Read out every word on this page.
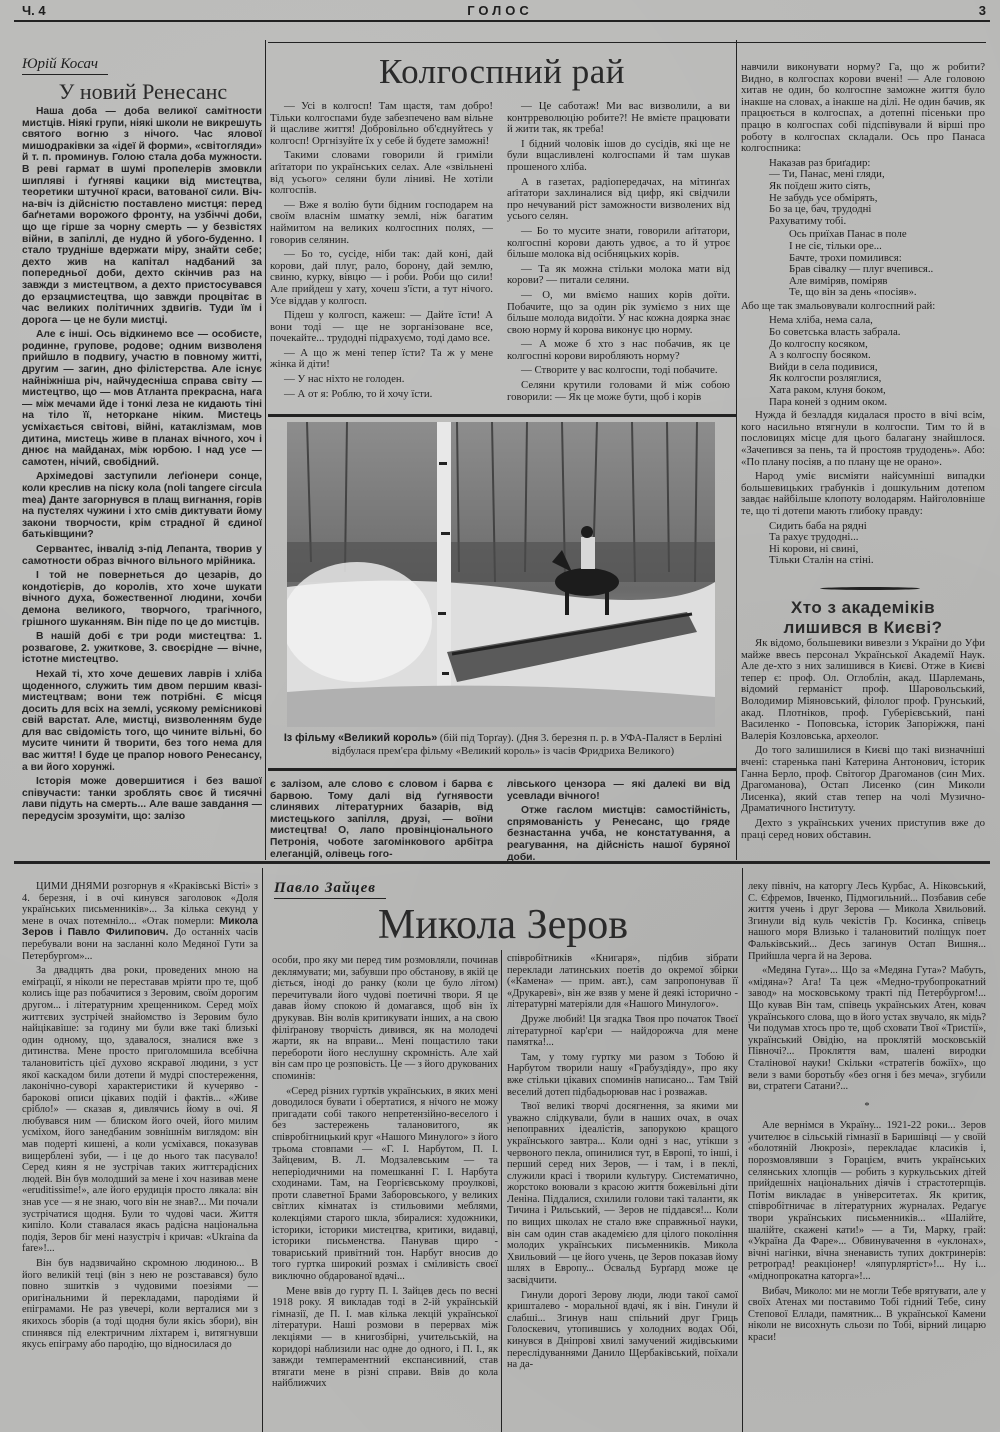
Ч. 4	ГОЛОС	3
Юрій Косач
У новий Ренесанс

Наша доба — доба великої самітности мистців. Ніякі групи, ніякі школи не викрешуть святого вогню з нічого. Час ялової мишодраківки за «ідеї й форми», «світогляди» й т. п. проминув. Голою стала доба мужности. В реві гармат в шумі пропелерів змовкли шипляві і ґугняві кацики від мистецтва, теоретики штучної краси, ватованої сили. Віч-на-віч із дійсністю поставлено мистця: перед баґнетами ворожого фронту, на узбіччі доби, що ще гірше за чорну смерть — у безвістях війни, в запіллі, де нудно й убого-буденно. І стало трудніше вдержати міру, знайти себе; дехто жив на капітал надбаний за попередньої доби, дехто скінчив раз на завжди з мистецтвом, а дехто пристосувався до ерзацмистецтва, що завжди процвітає в час великих політичних здвигів. Туди їм і дорога — це не були мистці.

Але є інші. Ось відкинемо все — особисте, родинне, групове, родове; одним визволеня прийшло в подвигу, участю в повному житті, другим — загин, дно філістерства. Але існує найніжніша річ, найчудесніша справа світу — мистецтво, що — мов Атланта прекрасна, нага — між мечами йде і тонкі леза не кидають тіні на тіло її, неторкане ніким. Мистець усміхається світові, війні, катаклізмам, мов дитина, мистець живе в планах вічного, хоч і днює на майданах, між юрбою. І над усе — самотен, нічий, свобідний.

Архімедові заступили леґіонери сонце, коли креслив на піску кола (noli tangere circula mea) Данте загорнувся в плащ вигнання, горів на пустелях чужини і хто смів диктувати йому закони творчости, крім страдної й єдиної батьківщини?

Сервантес, інвалід з-під Лепанта, творив у самотности образ вічного вільного мрійника.

І той не повернеться до цезарів, до кондотієрів, до королів, хто хоче шукати вічного духа, божественної людини, хочби демона великого, творчого, трагічного, грішного шуканням. Він піде по це до мистців.

В нашій добі є три роди мистецтва: 1. розвагове, 2. ужиткове, 3. своєрідне — вічне, істотне мистецтво.

Нехай ті, хто хоче дешевих лаврів і хліба щоденного, служить тим двом першим квазі-мистецтвам; вони теж потрібні. Є місця досить для всіх на землі, усякому ремісникові свій варстат. Але, мистці, визволенням буде для вас свідомість того, що чините вільні, бо мусите чинити й творити, без того нема для вас життя! І буде це прапор нового Ренесансу, а ви його хорунжі.

Історія може довершитися і без вашої співучасти: танки зроблять своє й тисячні лави підуть на смерть... Але ваше завдання — передусім зрозуміти, що: залізо

є залізом, але слово є словом і барва є барвою. Тому далі від ґугнявости слинявих літературних базарів, від мистецького запілля, друзі, — воїни мистецтва! О, лапо провінціонального Петронія, чоботе загомінкового арбітра елеганцій, олівець гого-

лівського цензора — які далекі ви від усевлади вічного!

Отже гаслом мистців: самостійність, спрямованість у Ренесанс, що гряде безнастанна учба, не констатування, а реагування, на дійсність нашої буряної доби.

Колгоспний рай

— Усі в колгосп! Там щастя, там добро! Тільки колгоспами буде забезпечено вам вільне й щасливе життя! Добровільно об'єднуйтесь у колгосп! Оргнізуйте їх у себе й будете заможні!

Такими словами говорили й гриміли аґітатори по українських селах. Але «звільнені від усього» селяни були ліниві. Не хотіли колгоспів.

— Вже я волію бути бідним господарем на своїм власнім шматку землі, ніж багатим наймитом на великих колгоспних полях, — говорив селянин.

— Бо то, сусіде, ніби так: дай коні, дай корови, дай плуг, рало, борону, дай землю, свиню, курку, вівцю — і роби. Роби що сили! Але прийдеш у хату, хочеш з'їсти, а тут нічого. Усе віддав у колгосп.

Підеш у колгосп, кажеш: — Дайте їсти! А вони тоді — ще не зорганізоване все, почекайте... трудодні підрахуємо, тоді дамо все.

— А що ж мені тепер їсти? Та ж у мене жінка й діти!

— У нас ніхто не голоден.

— А от я: Роблю, то й хочу їсти.

— Це саботаж! Ми вас визволили, а ви контрреволюцію робите?! Не вмієте працювати й жити так, як треба!

І бідний чоловік ішов до сусідів, які ще не були вщасливлені колгоспами й там шукав прошеного хліба.

А в газетах, радіопередачах, на мітинґах аґітатори захлиналися від цифр, які свідчили про нечуваний ріст заможности визволених від усього селян.

— Бо то мусите знати, говорили аґітатори, колгоспні корови дають удвоє, а то й утроє більше молока від осібняцьких корів.

— Та як можна стільки молока мати від корови? — питали селяни.

— О, ми вміємо наших корів доїти. Побачите, що за один рік зуміємо з них ще більше молода видоїти. У нас кожна доярка знає свою норму й корова виконує цю норму.

— А може б хто з нас побачив, як це колгоспні корови виробляють норму?

— Створите у вас колгоспи, тоді побачите.

Селяни крутили головами й між собою говорили: — Як це може бути, щоб і корів

навчили виконувати норму? Га, що ж робити? Видно, в колгоспах корови вчені! — Але головою хитав не один, бо колгоспне заможне життя було інакше на словах, а інакше на ділі. Не один бачив, як працюється в колгоспах, а дотепні пісеньки про працю в колгоспах собі підспівували й вірші про роботу в колгоспах складали. Ось про Панаса колгоспника:

Наказав раз бриґадир:
— Ти, Панас, мені гляди,
Як поїдеш жито сіять,
Не забудь усе обмірять,
Бо за це, бач, трудодні
Рахуватиму тобі.
Ось приїхав Панас в поле
І не сіє, тільки оре...
Бачте, трохи помилився:
Брав сівалку — плуг вчепився..
Але виміряв, поміряв
Те, що він за день «посіяв».

Або ще так змальовували колгоспний рай:

Нема хліба, нема сала,
Бо советська власть забрала.
До колгоспу косяком,
А з колгоспу босяком.
Вийди в села подивися,
Як колгоспи розляглися,
Хата раком, клуня боком,
Пара коней з одним оком.

Нужда й безладдя кидалася просто в вічі всім, кого насильно втягнули в колгоспи. Тим то й в пословицях місце для цього балагану знайшлося. «Зачепився за пень, та й простояв трудодень». Або: «По плану посіяв, а по плану ще не орано».

Народ уміє висміяти найсумніші випадки большевицьких грабунків і дошкульним дотепом завдає найбільше клопоту володарям. Найголовніше те, що ті дотепи мають глибоку правду:

Сидить баба на рядні
Та рахує трудодні...
Ні корови, ні свині,
Тільки Сталін на стіні.
Із фільму «Великий король» (бій під Торґау). (Дня 3. березня п. р. в УФА-Паляст в Берліні відбулася прем'єра фільму «Великий король» із часів Фридриха Великого)
Хто з академіків
лишився в Києві?

Як відомо, большевики вивезли з України до Уфи майже ввесь персонал Української Академії Наук. Але де-хто з них залишився в Києві. Отже в Києві тепер є: проф. Ол. Оглоблін, акад. Шарлемань, відомий германіст проф. Шаровольський, Володимир Міяновський, філолог проф. Грунський, акад. Плотніков, проф. Губерієвський, пані Василенко - Поповська, історик Запоріжжя, пані Валерія Козловська, археолог.

До того залишилися в Києві що такі визначніші вчені: старенька пані Катерина Антонович, історик Ганна Берло, проф. Світогор Драгоманов (син Мих. Драгоманова), Остап Лисенко (син Миколи Лисенка), який став тепер на чолі Музично-Драматичного Інституту.

Дехто з українських учених приступив вже до праці серед нових обставин.

Павло Зайцев
Микола Зеров

ЦИМИ ДНЯМИ розгорнув я «Краківські Вісті» з 4. березня, і в очі кинувся заголовок «Доля українських письменників»... За кілька секунд у мене в очах потемніло... «Отак померли: Микола Зеров і Павло Филипович. До останніх часів перебували вони на засланні коло Медяної Гути за Петербургом»...

За двадцять два роки, проведених мною на еміґрації, я ніколи не переставав мріяти про те, щоб колись іще раз побачитися з Зеровим, своїм дорогим другом... і літературним хрещенником. Серед моїх життєвих зустрічей знайомство із Зеровим було найцікавіше: за годину ми були вже такі близькі один одному, що, здавалося, зналися вже з дитинства. Мене просто приголомшила всебічна талановитість цієї духово яскравої людини, з уст якої каскадом били дотепи й мудрі спостереження, лаконічно-суворі характеристики й кучеряво - барокові описи цікавих подій і фактів... «Живе срібло!» — сказав я, дивлячись йому в очі. Я любувався ним — блиском його очей, його милим усміхом, його занедбаним зовнішнім виглядом: він мав подерті кишені, а коли усміхався, показував вищерблені зуби, — і це до нього так пасувало! Серед киян я не зустрічав таких життєрадісних людей. Він був молодший за мене і хоч називав мене «eruditissime!», але його ерудиція просто лякала: він знав усе — я не знаю, чого він не знав?... Ми почали зустрічатися щодня. Були то чудові часи. Життя кипіло. Коли ставалася якась радісна національна подія, Зеров біг мені назустріч і кричав: «Ukraina da fare»!...

Він був надзвичайно скромною людиною... В його великій теці (він з нею не розставався) було повно зшитків з чудовими поезіями — оригінальними й перекладами, пародіями й епіграмами. Не раз увечері, коли верталися ми з якихось зборів (а тоді щодня були якісь збори), він спинявся під електричним ліхтарем і, витягнувши якусь епіграму або пародію, що відносилася до

особи, про яку ми перед тим розмовляли, починав деклямувати; ми, забувши про обстанову, в якій це діється, іноді до ранку (коли це було літом) перечитували його чудові поетичні твори. Я це давав йому спокою й домагався, щоб він їх друкував. Він волів критикувати інших, а на свою філіґранову творчість дивився, як на молодечі жарти, як на вправи... Мені пощастило таки перебороти його неслушну скромність. Але хай він сам про це розповість. Це — з його друкованих споминів:

«Серед різних гуртків українських, в яких мені доводилося бувати і обертатися, я нічого не можу пригадати собі такого непретензійно-веселого і без застережень талановитого, як співробітницький круг «Нашого Минулого» з його трьома стовпами — «Г. І. Нарбутом, П. І. Зайцевим, В. Л. Модзалевським — та неперіодичними на помешканні Г. І. Нарбута сходинами. Там, на Георгієвському проулкові, проти славетної Брами Заборовського, у великих світлих кімнатах із стильовими меблями, колекціями старого шкла, збиралися: художники, історики, історики мистецтва, критики, видавці, історики письменства. Панував щиро - товариський привітний тон. Нарбут вносив до того гуртка широкий розмах і сміливість своєї виключно обдарованої вдачі...

Мене ввів до гурту П. І. Зайцев десь по весні 1918 року. Я викладав тоді в 2-ій українській гімназії, де П. І. мав кілька лекцій української літератури. Наші розмови в перервах між лекціями — в книгозбірні, учительській, на коридорі наблизили нас одне до одного, і П. І., як завжди темпераментний експансивний, став втягати мене в різні справи. Ввів до кола найближчих

співробітників «Книгаря», підбив зібрати переклади латинських поетів до окремої збірки («Камена» — прим. авт.), сам запропонував її «Друкареві», він же взяв у мене й деякі історично - літературні матеріяли для «Нашого Минулого».

Друже любий! Ця згадка Твоя про початок Твоєї літературної кар'єри — найдорожча для мене памятка!...

Там, у тому гуртку ми разом з Тобою й Нарбутом творили нашу «Грабуздіяду», про яку вже стільки цікавих споминів написано... Там Твій веселий дотеп підбадьорював нас і розважав.

Твої великі творчі досягнення, за якими ми уважно слідкували, були в наших очах, в очах непоправних ідеалістів, запорукою кращого українського завтра... Коли одні з нас, утікши з червоного пекла, опинилися тут, в Европі, то інші, і перший серед них Зеров, — і там, і в пеклі, служили красі і творили культуру. Систематично, жорстоко воювали з красою життя божевільні діти Леніна. Піддалися, схилили голови такі таланти, як Тичина і Рильський, — Зеров не піддався!... Коли по вищих школах не стало вже справжньої науки, він сам один став академією для цілого покоління молодих українських письменників. Микола Хвильовий — це його учень, це Зеров показав йому шлях в Европу... Освальд Бурґард може це засвідчити.

Гинули дорогі Зерову люди, люди такої самої кришталево - моральної вдачі, як і він. Гинули й слабші... Згинув наш спільний друг Гриць Голоскевич, утопившись у холодних водах Обі, кинувся в Дніпрові хвилі замучений жидівськими переслідуваннями Данило Щербаківський, поїхали на да-

леку північ, на каторгу Лесь Курбас, А. Ніковський, С. Єфремов, Івченко, Підмогильний... Позбавив себе життя учень і друг Зерова — Микола Хвильовий. Згинули від куль чекістів Гр. Косинка, співець нашого моря Влизько і талановитий поліщук поет Фальківський... Десь загинув Остап Вишня... Прийшла черга й на Зерова.

«Медяна Гута»... Що за «Медяна Гута»? Мабуть, «мідяна»? Ага! Та цеж «Медно-трубопрокатний завод» на московському тракті під Петербургом!... Що кував Він там, співець українських Атен, ковач українського слова, що в його устах звучало, як мідь? Чи подумав хтось про те, щоб сховати Твої «Тристії», український Овідію, на проклятій московській Півночі?... Прокляття вам, шалені виродки Сталінової науки! Скільки «стратегів божіїх», що вели з вами боротьбу «без огня і без меча», згубили ви, стратеги Сатани?...

*

Але вернімся в Україну... 1921-22 роки... Зеров учителює в сільській гімназії в Баришівці — у своїй «болотяній Люкрозі», перекладає класиків і, порозмовлявши з Горацієм, вчить українських селянських хлопців — робить з куркульських дітей прийдешніх національних діячів і страстотерпців. Потім викладає в університетах. Як критик, співробітничає в літературних журналах. Редагує твори українських письменників... «Шалійте, шалійте, скажені кати!» — а Ти, Марку, грай: «Україна Да Фаре»... Обвинувачення в «уклонах», вічні нагінки, вічна зненависть тупих доктринерів: ретроґрад! реакціонер! «ляпурляртіст»!... Ну і... «міднопрокатна каторга»!...

Вибач, Миколо: ми не могли Тебе врятувати, але у своїх Атенах ми поставимо Тобі гідний Тебе, сину Степової Еллади, памятник... В української Камени ніколи не висохнуть сльози по Тобі, вірний лицарю краси!
